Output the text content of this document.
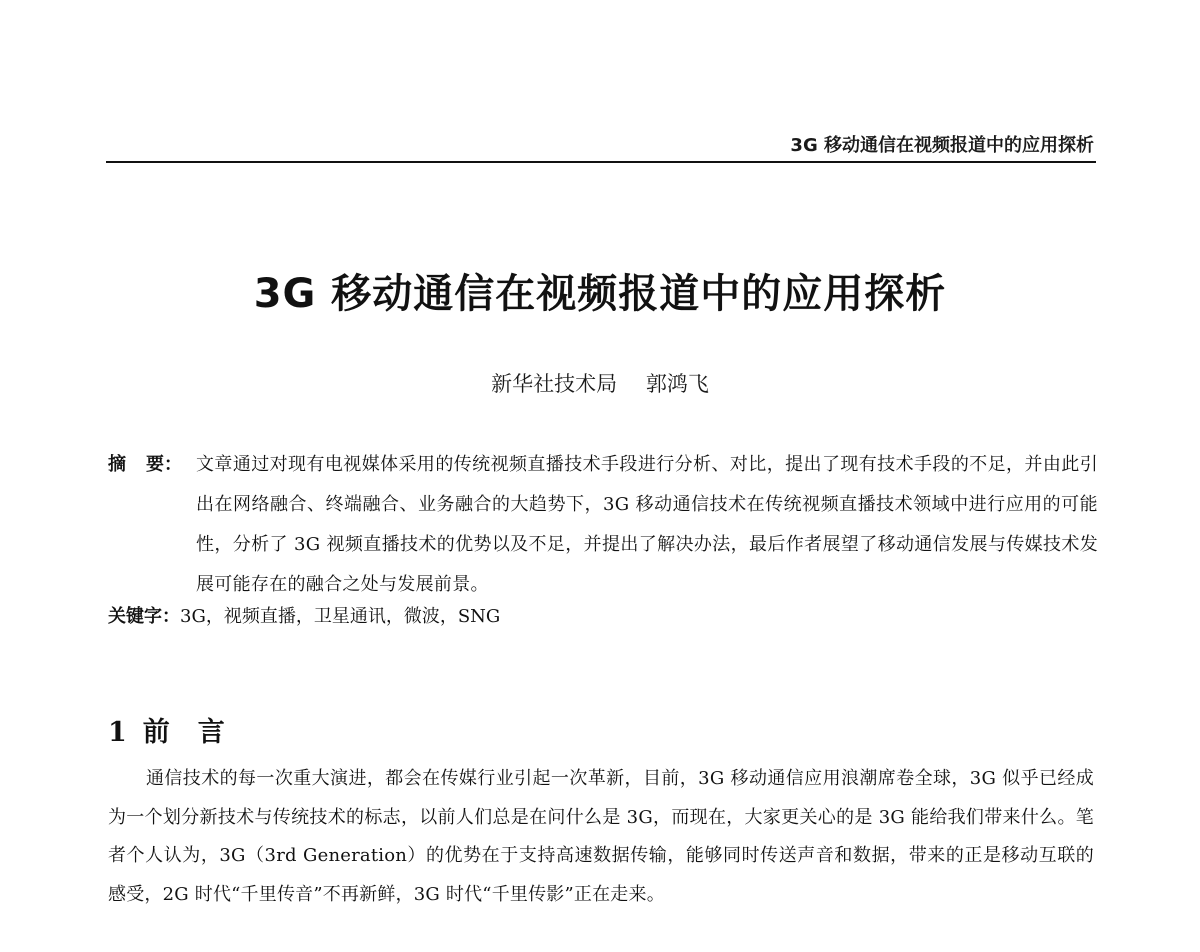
3G 移动通信在视频报道中的应用探析
3G 移动通信在视频报道中的应用探析
新华社技术局 郭鸿飞
摘 要： 文章通过对现有电视媒体采用的传统视频直播技术手段进行分析、对比，提出了现有技术手段的不足，并由此引出在网络融合、终端融合、业务融合的大趋势下，3G 移动通信技术在传统视频直播技术领域中进行应用的可能性，分析了 3G 视频直播技术的优势以及不足，并提出了解决办法，最后作者展望了移动通信发展与传媒技术发展可能存在的融合之处与发展前景。
关键字：3G，视频直播，卫星通讯，微波，SNG
1 前言

通信技术的每一次重大演进，都会在传媒行业引起一次革新，目前，3G 移动通信应用浪潮席卷全球，3G 似乎已经成为一个划分新技术与传统技术的标志，以前人们总是在问什么是 3G，而现在，大家更关心的是 3G 能给我们带来什么。笔者个人认为，3G（3rd Generation）的优势在于支持高速数据传输，能够同时传送声音和数据，带来的正是移动互联的感受，2G 时代“千里传音”不再新鲜，3G 时代“千里传影”正在走来。
